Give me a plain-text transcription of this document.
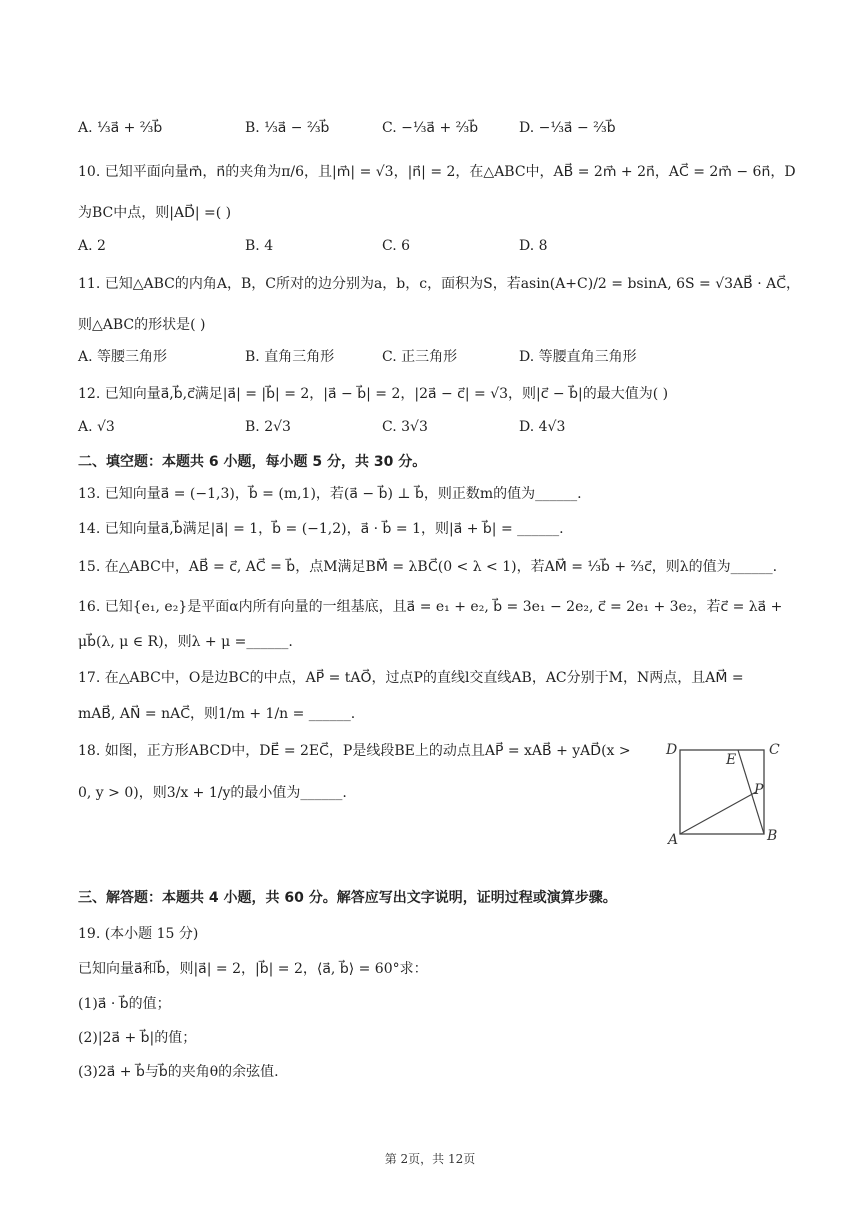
A. ⅓a⃗ + ⅔b⃗	B. ⅓a⃗ − ⅔b⃗	C. −⅓a⃗ + ⅔b⃗	D. −⅓a⃗ − ⅔b⃗
10. 已知平面向量m⃗，n⃗的夹角为π/6，且|m⃗| = √3，|n⃗| = 2，在△ABC中，AB⃗ = 2m⃗ + 2n⃗，AC⃗ = 2m⃗ − 6n⃗，D
为BC中点，则|AD⃗| =( )
A. 2	B. 4	C. 6	D. 8
11. 已知△ABC的内角A，B，C所对的边分别为a，b，c，面积为S，若asin(A+C)/2 = bsinA, 6S = √3AB⃗ · AC⃗，
则△ABC的形状是( )
A. 等腰三角形	B. 直角三角形	C. 正三角形	D. 等腰直角三角形
12. 已知向量a⃗,b⃗,c⃗满足|a⃗| = |b⃗| = 2，|a⃗ − b⃗| = 2，|2a⃗ − c⃗| = √3，则|c⃗ − b⃗|的最大值为( )
A. √3	B. 2√3	C. 3√3	D. 4√3
二、填空题：本题共 6 小题，每小题 5 分，共 30 分。
13. 已知向量a⃗ = (−1,3)，b⃗ = (m,1)，若(a⃗ − b⃗) ⊥ b⃗，则正数m的值为______.
14. 已知向量a⃗,b⃗满足|a⃗| = 1，b⃗ = (−1,2)，a⃗ · b⃗ = 1，则|a⃗ + b⃗| = ______.
15. 在△ABC中，AB⃗ = c⃗, AC⃗ = b⃗，点M满足BM⃗ = λBC⃗(0 < λ < 1)，若AM⃗ = ⅓b⃗ + ⅔c⃗，则λ的值为______.
16. 已知{e₁, e₂}是平面α内所有向量的一组基底，且a⃗ = e₁ + e₂, b⃗ = 3e₁ − 2e₂, c⃗ = 2e₁ + 3e₂，若c⃗ = λa⃗ +
μb⃗(λ, μ ∈ R)，则λ + μ =______.
17. 在△ABC中，O是边BC的中点，AP⃗ = tAO⃗，过点P的直线l交直线AB，AC分别于M，N两点，且AM⃗ =
mAB⃗, AN⃗ = nAC⃗，则1/m + 1/n = ______.
18. 如图，正方形ABCD中，DE⃗ = 2EC⃗，P是线段BE上的动点且AP⃗ = xAB⃗ + yAD⃗(x >
0, y > 0)，则3/x + 1/y的最小值为______.
D
E
C
P
A	B
三、解答题：本题共 4 小题，共 60 分。解答应写出文字说明，证明过程或演算步骤。
19. (本小题 15 分)
已知向量a⃗和b⃗，则|a⃗| = 2，|b⃗| = 2，⟨a⃗, b⃗⟩ = 60°求：
(1)a⃗ · b⃗的值；
(2)|2a⃗ + b⃗|的值；
(3)2a⃗ + b⃗与b⃗的夹角θ的余弦值.
第 2页，共 12页
